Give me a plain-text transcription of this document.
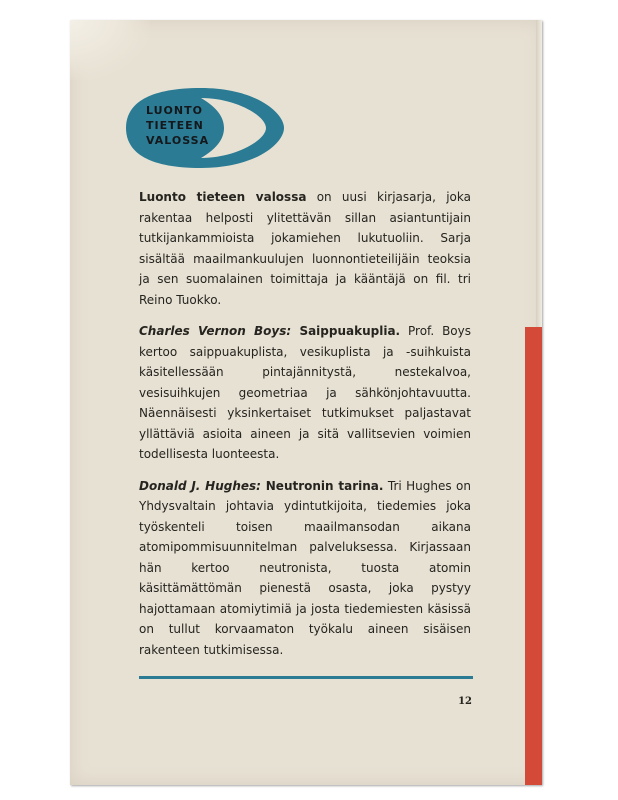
LUONTO
TIETEEN
VALOSSA

Luonto tieteen valossa on uusi kirjasarja, joka rakentaa helposti ylitettävän sillan asiantuntijain tutkijankammioista jokamiehen lukutuoliin. Sarja sisältää maailmankuulujen luonnontieteilijäin teoksia ja sen suomalainen toimittaja ja kääntäjä on fil. tri Reino Tuokko.

Charles Vernon Boys: Saippuakuplia. Prof. Boys kertoo saippuakuplista, vesikuplista ja -suihkuista käsitellessään pintajännitystä, nestekalvoa, vesisuihkujen geometriaa ja sähkönjohtavuutta. Näennäisesti yksinkertaiset tutkimukset paljastavat yllättäviä asioita aineen ja sitä vallitsevien voimien todellisesta luonteesta.

Donald J. Hughes: Neutronin tarina. Tri Hughes on Yhdysvaltain johtavia ydintutkijoita, tiedemies joka työskenteli toisen maailmansodan aikana atomipommisuunnitelman palveluksessa. Kirjassaan hän kertoo neutronista, tuosta atomin käsittämättömän pienestä osasta, joka pystyy hajottamaan atomiytimiä ja josta tiedemiesten käsissä on tullut korvaamaton työkalu aineen sisäisen rakenteen tutkimisessa.

12
